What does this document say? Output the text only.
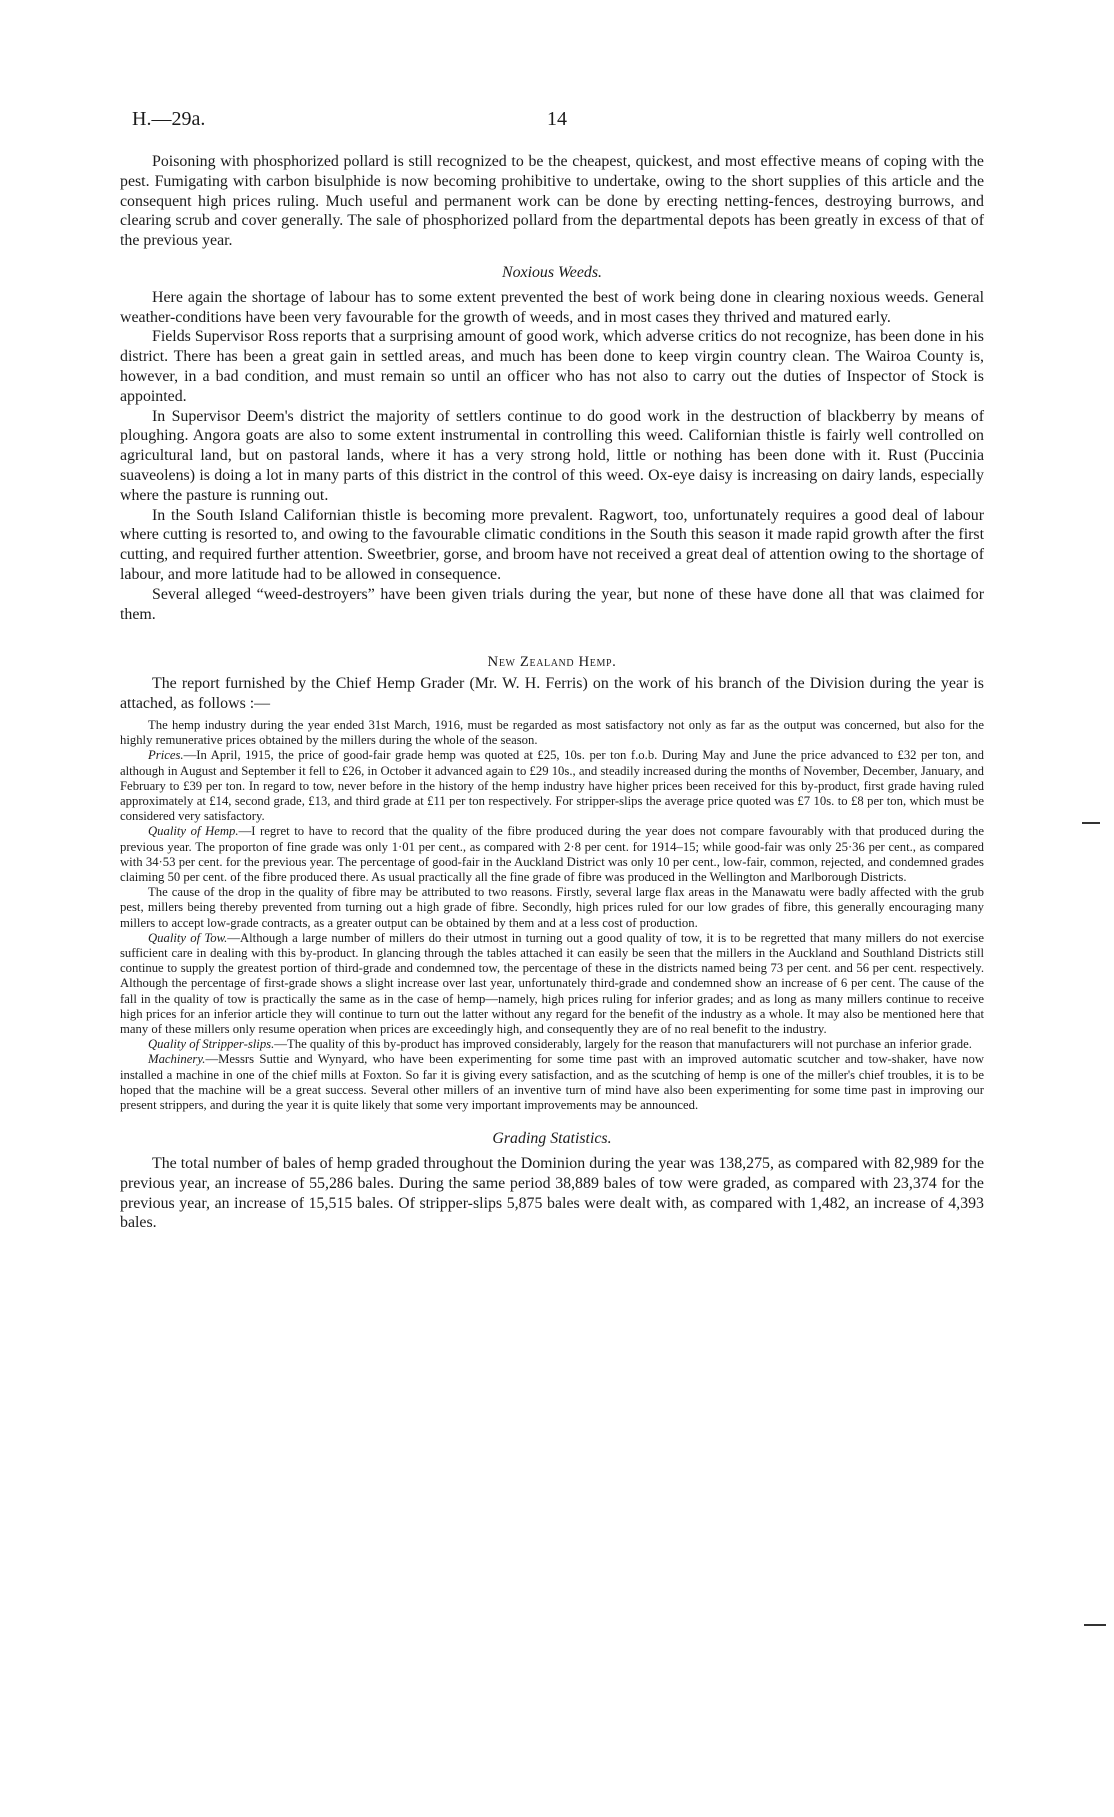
H.—29a.	14

Poisoning with phosphorized pollard is still recognized to be the cheapest, quickest, and most effective means of coping with the pest. Fumigating with carbon bisulphide is now becoming prohibitive to undertake, owing to the short supplies of this article and the consequent high prices ruling. Much useful and permanent work can be done by erecting netting-fences, destroying burrows, and clearing scrub and cover generally. The sale of phosphorized pollard from the departmental depots has been greatly in excess of that of the previous year.

Noxious Weeds.

Here again the shortage of labour has to some extent prevented the best of work being done in clearing noxious weeds. General weather-conditions have been very favourable for the growth of weeds, and in most cases they thrived and matured early.

Fields Supervisor Ross reports that a surprising amount of good work, which adverse critics do not recognize, has been done in his district. There has been a great gain in settled areas, and much has been done to keep virgin country clean. The Wairoa County is, however, in a bad condition, and must remain so until an officer who has not also to carry out the duties of Inspector of Stock is appointed.

In Supervisor Deem's district the majority of settlers continue to do good work in the destruction of blackberry by means of ploughing. Angora goats are also to some extent instrumental in controlling this weed. Californian thistle is fairly well controlled on agricultural land, but on pastoral lands, where it has a very strong hold, little or nothing has been done with it. Rust (Puccinia suaveolens) is doing a lot in many parts of this district in the control of this weed. Ox-eye daisy is increasing on dairy lands, especially where the pasture is running out.

In the South Island Californian thistle is becoming more prevalent. Ragwort, too, unfortunately requires a good deal of labour where cutting is resorted to, and owing to the favourable climatic conditions in the South this season it made rapid growth after the first cutting, and required further attention. Sweetbrier, gorse, and broom have not received a great deal of attention owing to the shortage of labour, and more latitude had to be allowed in consequence.

Several alleged “weed-destroyers” have been given trials during the year, but none of these have done all that was claimed for them.

New Zealand Hemp.

The report furnished by the Chief Hemp Grader (Mr. W. H. Ferris) on the work of his branch of the Division during the year is attached, as follows :—

The hemp industry during the year ended 31st March, 1916, must be regarded as most satisfactory not only as far as the output was concerned, but also for the highly remunerative prices obtained by the millers during the whole of the season.

Prices.—In April, 1915, the price of good-fair grade hemp was quoted at £25, 10s. per ton f.o.b. During May and June the price advanced to £32 per ton, and although in August and September it fell to £26, in October it advanced again to £29 10s., and steadily increased during the months of November, December, January, and February to £39 per ton. In regard to tow, never before in the history of the hemp industry have higher prices been received for this by-product, first grade having ruled approximately at £14, second grade, £13, and third grade at £11 per ton respectively. For stripper-slips the average price quoted was £7 10s. to £8 per ton, which must be considered very satisfactory.

Quality of Hemp.—I regret to have to record that the quality of the fibre produced during the year does not compare favourably with that produced during the previous year. The proporton of fine grade was only 1·01 per cent., as compared with 2·8 per cent. for 1914–15; while good-fair was only 25·36 per cent., as compared with 34·53 per cent. for the previous year. The percentage of good-fair in the Auckland District was only 10 per cent., low-fair, common, rejected, and condemned grades claiming 50 per cent. of the fibre produced there. As usual practically all the fine grade of fibre was produced in the Wellington and Marlborough Districts.

The cause of the drop in the quality of fibre may be attributed to two reasons. Firstly, several large flax areas in the Manawatu were badly affected with the grub pest, millers being thereby prevented from turning out a high grade of fibre. Secondly, high prices ruled for our low grades of fibre, this generally encouraging many millers to accept low-grade contracts, as a greater output can be obtained by them and at a less cost of production.

Quality of Tow.—Although a large number of millers do their utmost in turning out a good quality of tow, it is to be regretted that many millers do not exercise sufficient care in dealing with this by-product. In glancing through the tables attached it can easily be seen that the millers in the Auckland and Southland Districts still continue to supply the greatest portion of third-grade and condemned tow, the percentage of these in the districts named being 73 per cent. and 56 per cent. respectively. Although the percentage of first-grade shows a slight increase over last year, unfortunately third-grade and condemned show an increase of 6 per cent. The cause of the fall in the quality of tow is practically the same as in the case of hemp—namely, high prices ruling for inferior grades; and as long as many millers continue to receive high prices for an inferior article they will continue to turn out the latter without any regard for the benefit of the industry as a whole. It may also be mentioned here that many of these millers only resume operation when prices are exceedingly high, and consequently they are of no real benefit to the industry.

Quality of Stripper-slips.—The quality of this by-product has improved considerably, largely for the reason that manufacturers will not purchase an inferior grade.

Machinery.—Messrs Suttie and Wynyard, who have been experimenting for some time past with an improved automatic scutcher and tow-shaker, have now installed a machine in one of the chief mills at Foxton. So far it is giving every satisfaction, and as the scutching of hemp is one of the miller's chief troubles, it is to be hoped that the machine will be a great success. Several other millers of an inventive turn of mind have also been experimenting for some time past in improving our present strippers, and during the year it is quite likely that some very important improvements may be announced.

Grading Statistics.

The total number of bales of hemp graded throughout the Dominion during the year was 138,275, as compared with 82,989 for the previous year, an increase of 55,286 bales. During the same period 38,889 bales of tow were graded, as compared with 23,374 for the previous year, an increase of 15,515 bales. Of stripper-slips 5,875 bales were dealt with, as compared with 1,482, an increase of 4,393 bales.
